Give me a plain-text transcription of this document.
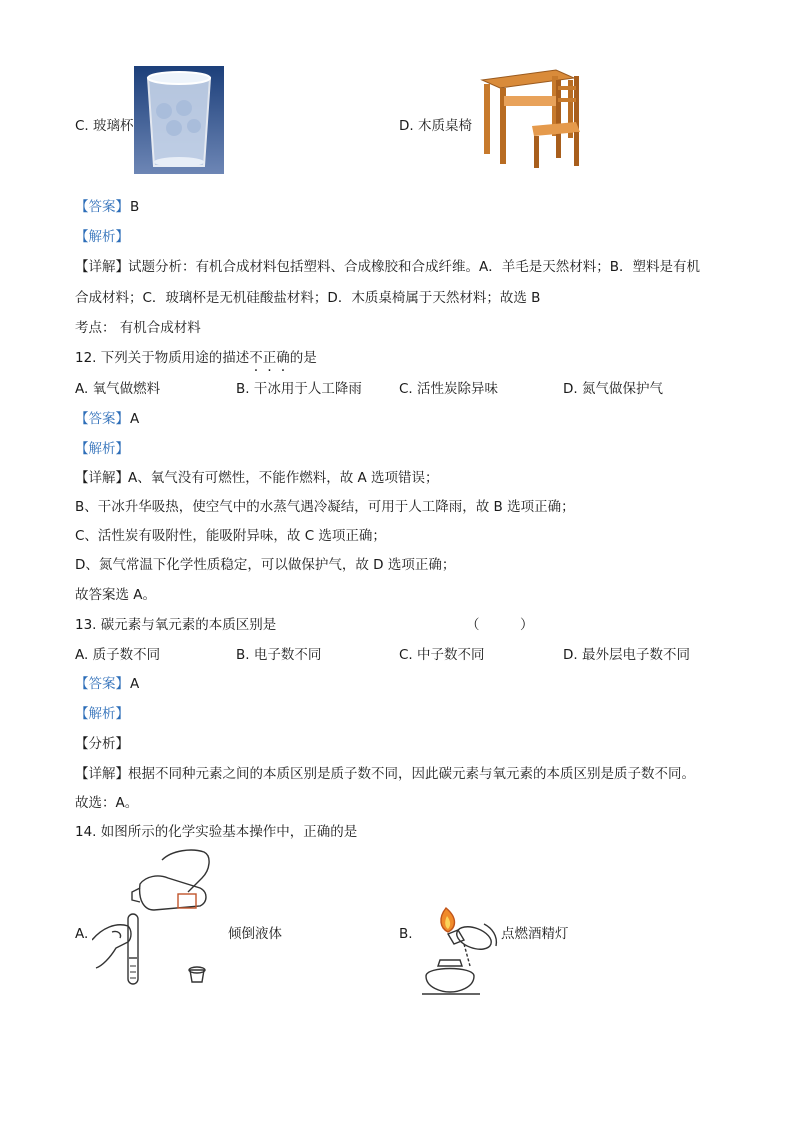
C. 玻璃杯	D. 木质桌椅
【答案】 B
【解析】
【详解】 试题分析：有机合成材料包括塑料、合成橡胶和合成纤维。A．羊毛是天然材料；B．塑料是有机
合成材料；C．玻璃杯是无机硅酸盐材料；D．木质桌椅属于天然材料；故选 B
考点： 有机合成材料
12. 下列关于物质用途的描述不正确的是
A. 氧气做燃料	B. 干冰用于人工降雨	C. 活性炭除异味	D. 氮气做保护气
【答案】 A
【解析】
【详解】 A、氧气没有可燃性，不能作燃料，故 A 选项错误；
B、干冰升华吸热，使空气中的水蒸气遇冷凝结，可用于人工降雨，故 B 选项正确；
C、活性炭有吸附性，能吸附异味，故 C 选项正确；
D、氮气常温下化学性质稳定，可以做保护气，故 D 选项正确；
故答案选 A。
13. 碳元素与氧元素的本质区别是	（	）
A. 质子数不同	B. 电子数不同	C. 中子数不同	D. 最外层电子数不同
【答案】 A
【解析】
【分析】
【详解】 根据不同种元素之间的本质区别是质子数不同，因此碳元素与氧元素的本质区别是质子数不同。
故选：A。
14. 如图所示的化学实验基本操作中，正确的是
A.	倾倒液体	B.	点燃酒精灯
